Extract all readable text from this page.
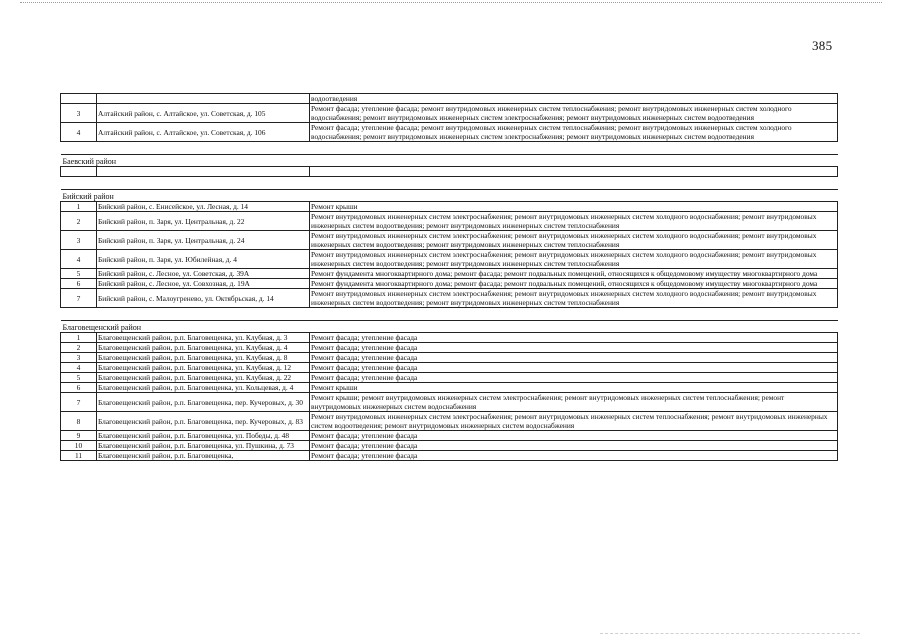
385
		водоотведения
3	Алтайский район, с. Алтайское, ул. Советская, д. 105	Ремонт фасада; утепление фасада; ремонт внутридомовых инженерных систем теплоснабжения; ремонт внутридомовых инженерных систем холодного водоснабжения; ремонт внутридомовых инженерных систем электроснабжения; ремонт внутридомовых инженерных систем водоотведения
4	Алтайский район, с. Алтайское, ул. Советская, д. 106	Ремонт фасада; утепление фасада; ремонт внутридомовых инженерных систем теплоснабжения; ремонт внутридомовых инженерных систем холодного водоснабжения; ремонт внутридомовых инженерных систем электроснабжения; ремонт внутридомовых инженерных систем водоотведения

Баевский район		

Бийский район		
1	Бийский район, с. Енисейское, ул. Лесная, д. 14	Ремонт крыши
2	Бийский район, п. Заря, ул. Центральная, д. 22	Ремонт внутридомовых инженерных систем электроснабжения; ремонт внутридомовых инженерных систем холодного водоснабжения; ремонт внутридомовых инженерных систем водоотведения; ремонт внутридомовых инженерных систем теплоснабжения
3	Бийский район, п. Заря, ул. Центральная, д. 24	Ремонт внутридомовых инженерных систем электроснабжения; ремонт внутридомовых инженерных систем холодного водоснабжения; ремонт внутридомовых инженерных систем водоотведения; ремонт внутридомовых инженерных систем теплоснабжения
4	Бийский район, п. Заря, ул. Юбилейная, д. 4	Ремонт внутридомовых инженерных систем электроснабжения; ремонт внутридомовых инженерных систем холодного водоснабжения; ремонт внутридомовых инженерных систем водоотведения; ремонт внутридомовых инженерных систем теплоснабжения
5	Бийский район, с. Лесное, ул. Советская, д. 39А	Ремонт фундамента многоквартирного дома; ремонт фасада; ремонт подвальных помещений, относящихся к общедомовому имуществу многоквартирного дома
6	Бийский район, с. Лесное, ул. Совхозная, д. 19А	Ремонт фундамента многоквартирного дома; ремонт фасада; ремонт подвальных помещений, относящихся к общедомовому имуществу многоквартирного дома
7	Бийский район, с. Малоугренево, ул. Октябрьская, д. 14	Ремонт внутридомовых инженерных систем электроснабжения; ремонт внутридомовых инженерных систем холодного водоснабжения; ремонт внутридомовых инженерных систем водоотведения; ремонт внутридомовых инженерных систем теплоснабжения

Благовещенский район		
1	Благовещенский район, р.п. Благовещенка, ул. Клубная, д. 3	Ремонт фасада; утепление фасада
2	Благовещенский район, р.п. Благовещенка, ул. Клубная, д. 4	Ремонт фасада; утепление фасада
3	Благовещенский район, р.п. Благовещенка, ул. Клубная, д. 8	Ремонт фасада; утепление фасада
4	Благовещенский район, р.п. Благовещенка, ул. Клубная, д. 12	Ремонт фасада; утепление фасада
5	Благовещенский район, р.п. Благовещенка, ул. Клубная, д. 22	Ремонт фасада; утепление фасада
6	Благовещенский район, р.п. Благовещенка, ул. Кольцевая, д. 4	Ремонт крыши
7	Благовещенский район, р.п. Благовещенка, пер. Кучеровых, д. 30	Ремонт крыши; ремонт внутридомовых инженерных систем электроснабжения; ремонт внутридомовых инженерных систем теплоснабжения; ремонт внутридомовых инженерных систем водоснабжения
8	Благовещенский район, р.п. Благовещенка, пер. Кучеровых, д. 83	Ремонт внутридомовых инженерных систем электроснабжения; ремонт внутридомовых инженерных систем теплоснабжения; ремонт внутридомовых инженерных систем водоотведения; ремонт внутридомовых инженерных систем водоснабжения
9	Благовещенский район, р.п. Благовещенка, ул. Победы, д. 48	Ремонт фасада; утепление фасада
10	Благовещенский район, р.п. Благовещенка, ул. Пушкина, д. 73	Ремонт фасада; утепление фасада
11	Благовещенский район, р.п. Благовещенка,	Ремонт фасада; утепление фасада
